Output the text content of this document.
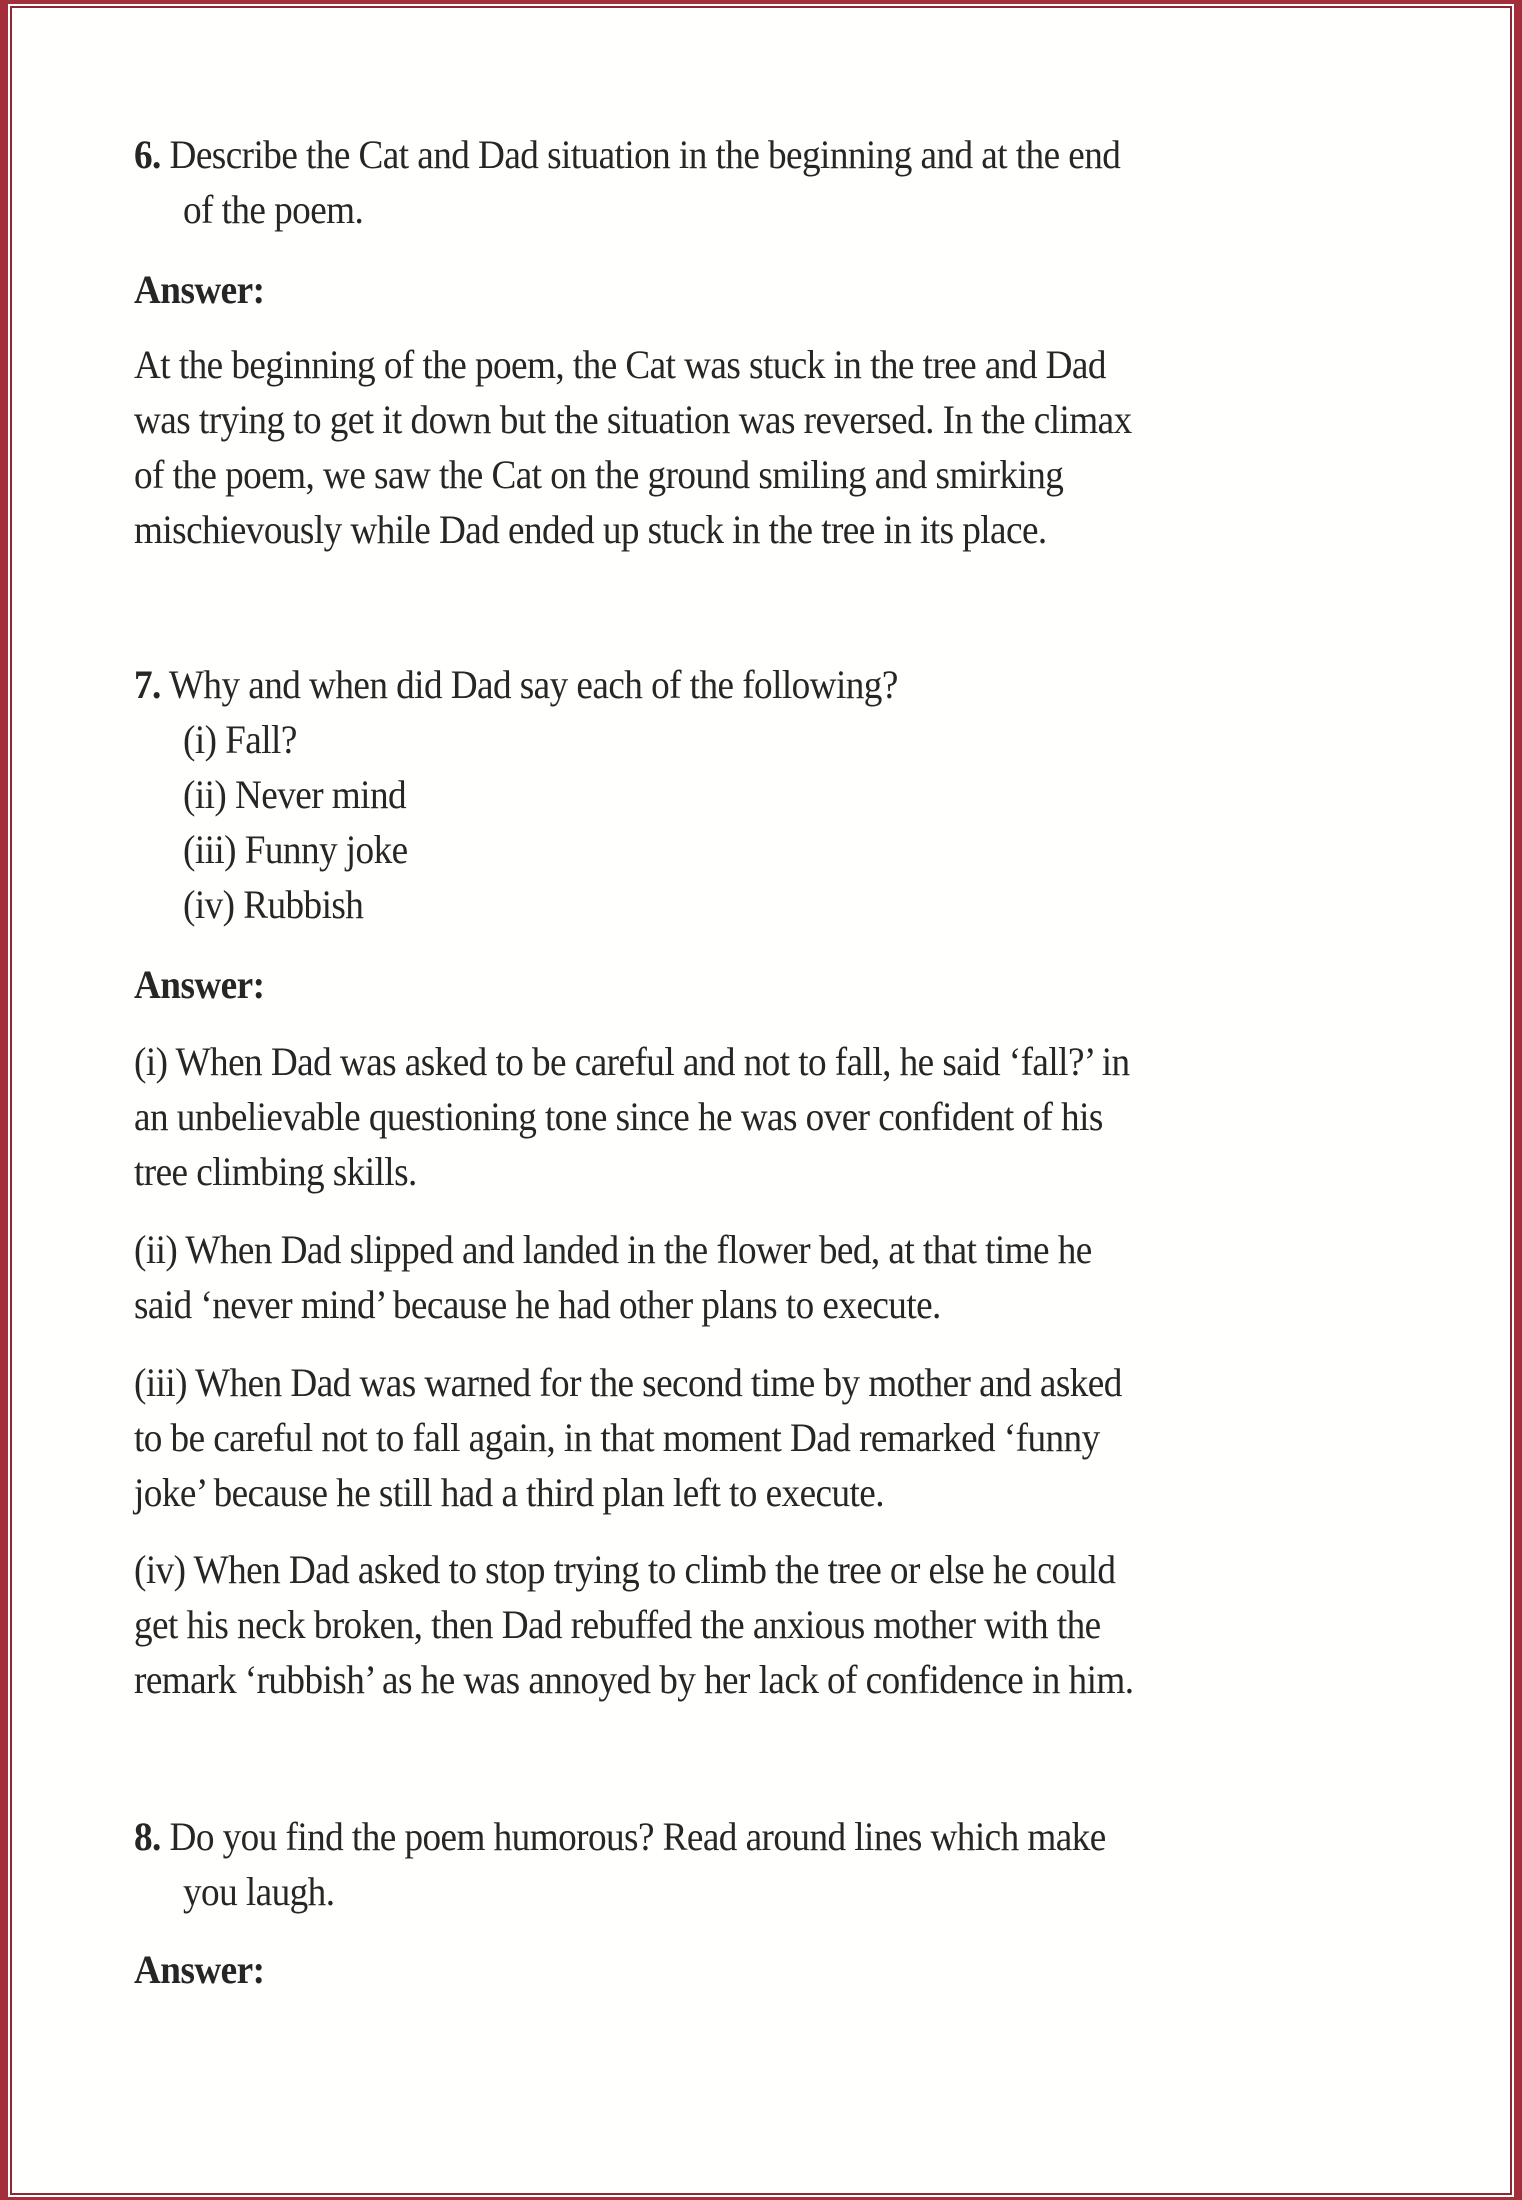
6. Describe the Cat and Dad situation in the beginning and at the end
of the poem.
Answer:
At the beginning of the poem, the Cat was stuck in the tree and Dad
was trying to get it down but the situation was reversed. In the climax
of the poem, we saw the Cat on the ground smiling and smirking
mischievously while Dad ended up stuck in the tree in its place.
7. Why and when did Dad say each of the following?
(i) Fall?
(ii) Never mind
(iii) Funny joke
(iv) Rubbish
Answer:
(i) When Dad was asked to be careful and not to fall, he said ‘fall?’ in
an unbelievable questioning tone since he was over confident of his
tree climbing skills.
(ii) When Dad slipped and landed in the flower bed, at that time he
said ‘never mind’ because he had other plans to execute.
(iii) When Dad was warned for the second time by mother and asked
to be careful not to fall again, in that moment Dad remarked ‘funny
joke’ because he still had a third plan left to execute.
(iv) When Dad asked to stop trying to climb the tree or else he could
get his neck broken, then Dad rebuffed the anxious mother with the
remark ‘rubbish’ as he was annoyed by her lack of confidence in him.
8. Do you find the poem humorous? Read around lines which make
you laugh.
Answer:
